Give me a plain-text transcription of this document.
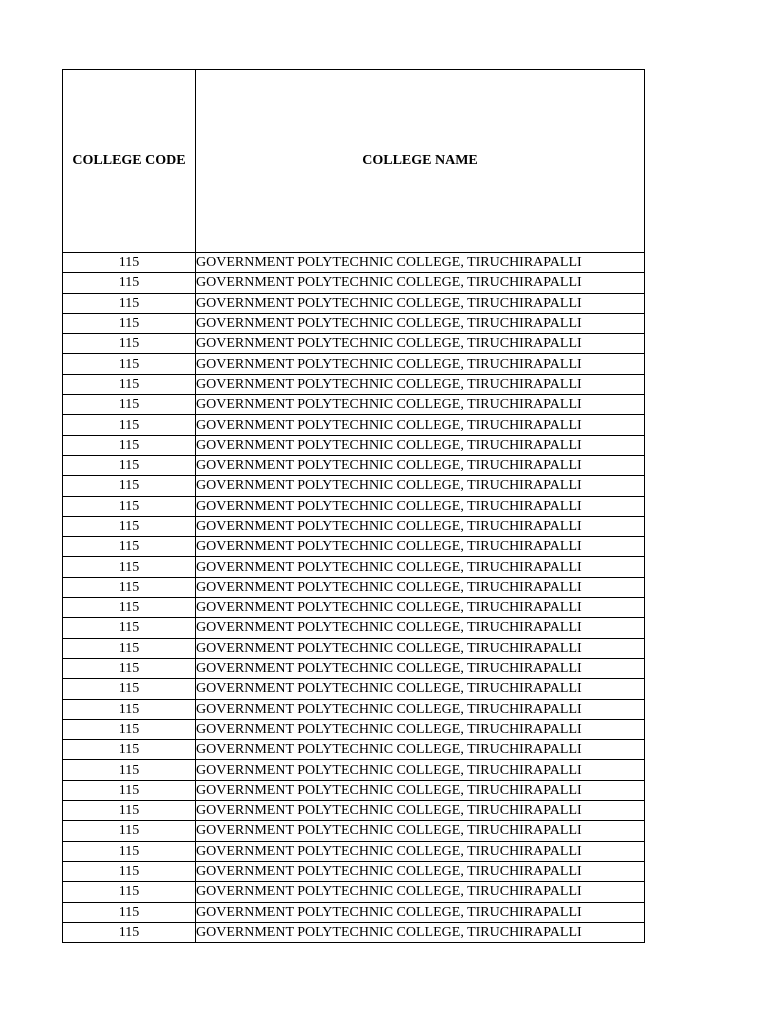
COLLEGE CODE	COLLEGE NAME
115	GOVERNMENT POLYTECHNIC COLLEGE, TIRUCHIRAPALLI
115	GOVERNMENT POLYTECHNIC COLLEGE, TIRUCHIRAPALLI
115	GOVERNMENT POLYTECHNIC COLLEGE, TIRUCHIRAPALLI
115	GOVERNMENT POLYTECHNIC COLLEGE, TIRUCHIRAPALLI
115	GOVERNMENT POLYTECHNIC COLLEGE, TIRUCHIRAPALLI
115	GOVERNMENT POLYTECHNIC COLLEGE, TIRUCHIRAPALLI
115	GOVERNMENT POLYTECHNIC COLLEGE, TIRUCHIRAPALLI
115	GOVERNMENT POLYTECHNIC COLLEGE, TIRUCHIRAPALLI
115	GOVERNMENT POLYTECHNIC COLLEGE, TIRUCHIRAPALLI
115	GOVERNMENT POLYTECHNIC COLLEGE, TIRUCHIRAPALLI
115	GOVERNMENT POLYTECHNIC COLLEGE, TIRUCHIRAPALLI
115	GOVERNMENT POLYTECHNIC COLLEGE, TIRUCHIRAPALLI
115	GOVERNMENT POLYTECHNIC COLLEGE, TIRUCHIRAPALLI
115	GOVERNMENT POLYTECHNIC COLLEGE, TIRUCHIRAPALLI
115	GOVERNMENT POLYTECHNIC COLLEGE, TIRUCHIRAPALLI
115	GOVERNMENT POLYTECHNIC COLLEGE, TIRUCHIRAPALLI
115	GOVERNMENT POLYTECHNIC COLLEGE, TIRUCHIRAPALLI
115	GOVERNMENT POLYTECHNIC COLLEGE, TIRUCHIRAPALLI
115	GOVERNMENT POLYTECHNIC COLLEGE, TIRUCHIRAPALLI
115	GOVERNMENT POLYTECHNIC COLLEGE, TIRUCHIRAPALLI
115	GOVERNMENT POLYTECHNIC COLLEGE, TIRUCHIRAPALLI
115	GOVERNMENT POLYTECHNIC COLLEGE, TIRUCHIRAPALLI
115	GOVERNMENT POLYTECHNIC COLLEGE, TIRUCHIRAPALLI
115	GOVERNMENT POLYTECHNIC COLLEGE, TIRUCHIRAPALLI
115	GOVERNMENT POLYTECHNIC COLLEGE, TIRUCHIRAPALLI
115	GOVERNMENT POLYTECHNIC COLLEGE, TIRUCHIRAPALLI
115	GOVERNMENT POLYTECHNIC COLLEGE, TIRUCHIRAPALLI
115	GOVERNMENT POLYTECHNIC COLLEGE, TIRUCHIRAPALLI
115	GOVERNMENT POLYTECHNIC COLLEGE, TIRUCHIRAPALLI
115	GOVERNMENT POLYTECHNIC COLLEGE, TIRUCHIRAPALLI
115	GOVERNMENT POLYTECHNIC COLLEGE, TIRUCHIRAPALLI
115	GOVERNMENT POLYTECHNIC COLLEGE, TIRUCHIRAPALLI
115	GOVERNMENT POLYTECHNIC COLLEGE, TIRUCHIRAPALLI
115	GOVERNMENT POLYTECHNIC COLLEGE, TIRUCHIRAPALLI
